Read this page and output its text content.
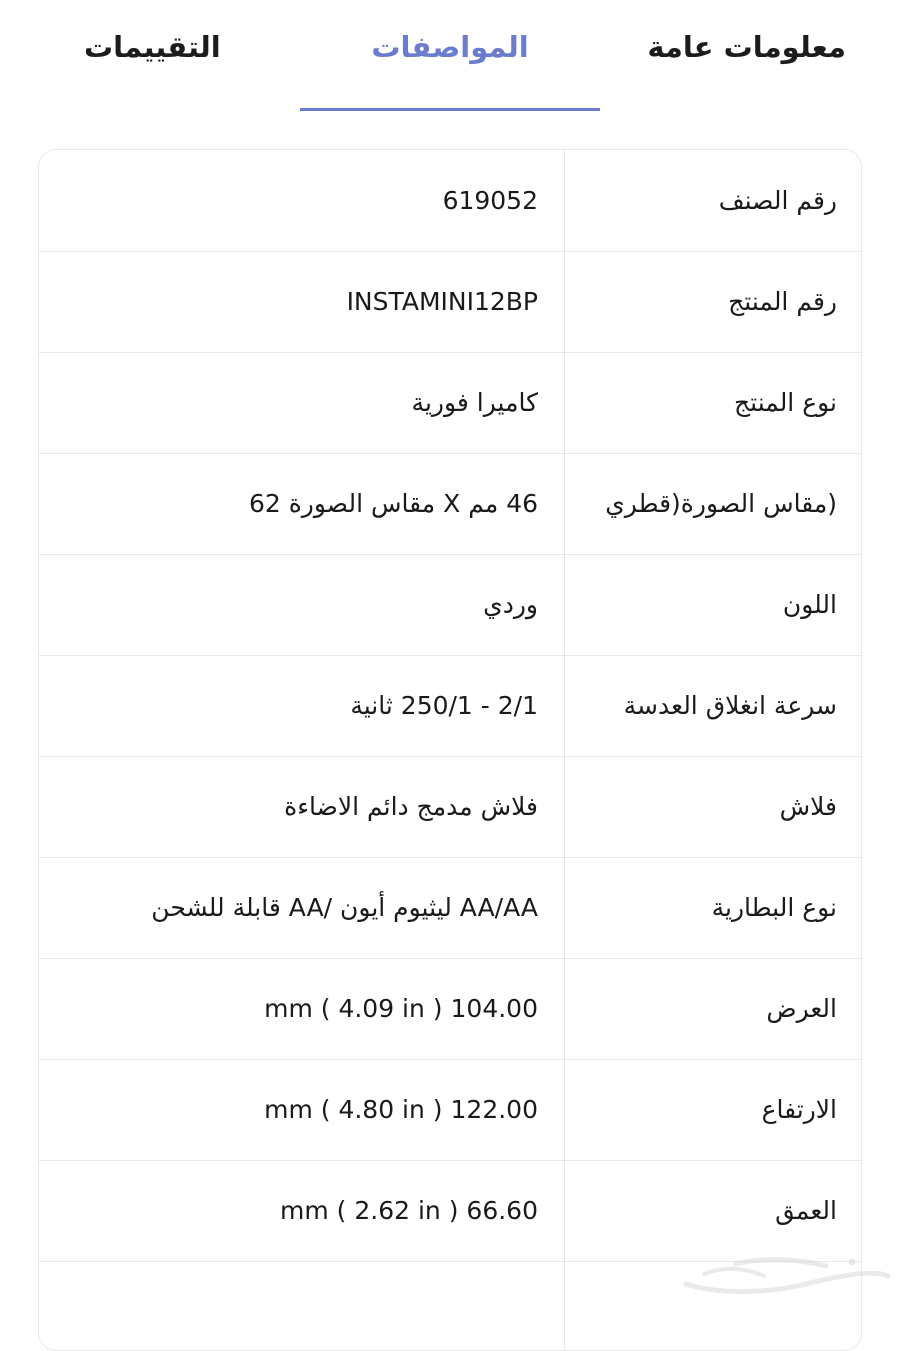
معلومات عامة
المواصفات
التقييمات
رقم الصنف
619052
رقم المنتج
INSTAMINI12BP
نوع المنتج
كاميرا فورية
(مقاس الصورة(قطري
46 مم X مقاس الصورة 62
اللون
وردي
سرعة انغلاق العدسة
2/1 - 250/1 ثانية
فلاش
فلاش مدمج دائم الاضاءة
نوع البطارية
AA/AA ليثيوم أيون /AA قابلة للشحن
العرض
104.00 mm ( 4.09 in )
الارتفاع
122.00 mm ( 4.80 in )
العمق
66.60 mm ( 2.62 in )
